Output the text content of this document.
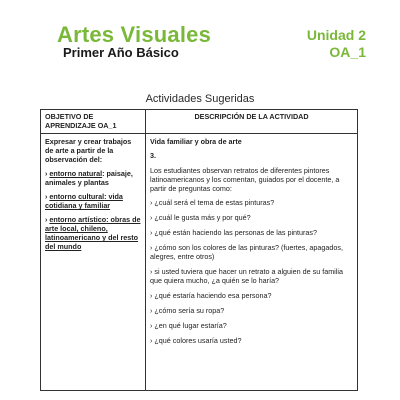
Artes Visuales
Primer Año Básico
Unidad 2
OA_1
Actividades Sugeridas
OBJETIVO DE APRENDIZAJE OA_1
DESCRIPCIÓN DE LA ACTIVIDAD
Expresar y crear trabajos de arte a partir de la observación del:
› entorno natural: paisaje, animales y plantas
› entorno cultural: vida cotidiana y familiar
› entorno artístico: obras de arte local, chileno, latinoamericano y del resto del mundo
Vida familiar y obra de arte
3.
Los estudiantes observan retratos de diferentes pintores latinoamericanos y los comentan, guiados por el docente, a partir de preguntas como:
› ¿cuál será el tema de estas pinturas?
› ¿cuál le gusta más y por qué?
› ¿qué están haciendo las personas de las pinturas?
› ¿cómo son los colores de las pinturas? (fuertes, apagados, alegres, entre otros)
› si usted tuviera que hacer un retrato a alguien de su familia que quiera mucho, ¿a quién se lo haría?
› ¿qué estaría haciendo esa persona?
› ¿cómo sería su ropa?
› ¿en qué lugar estaría?
› ¿qué colores usaría usted?
